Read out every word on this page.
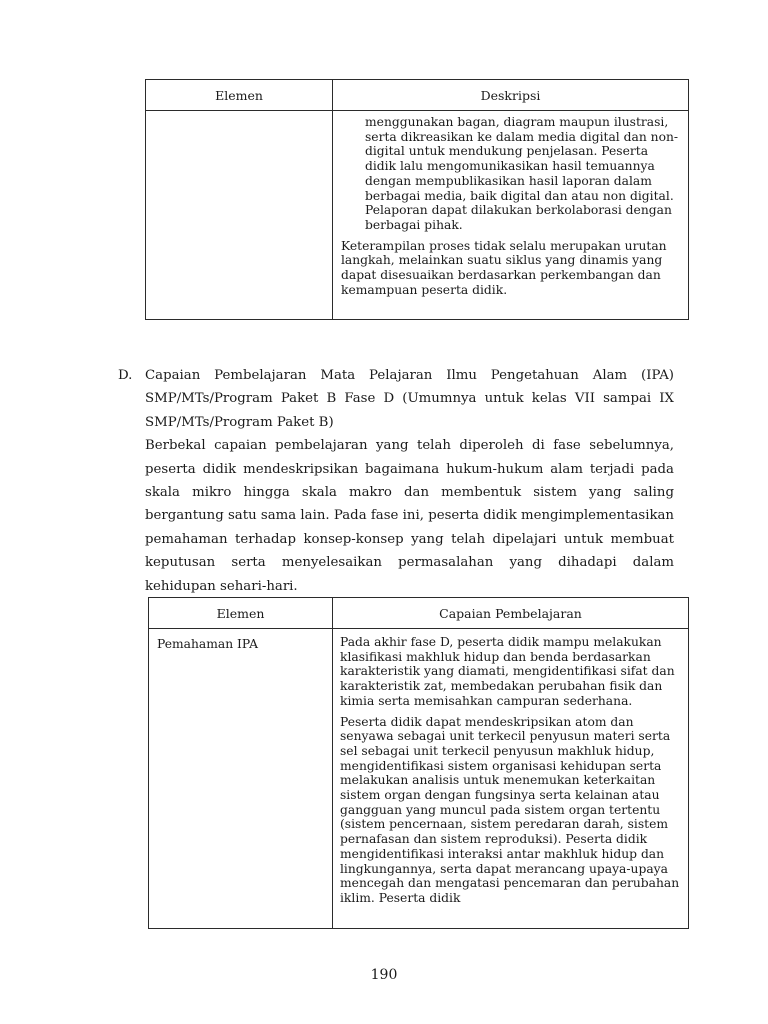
Elemen	Deskripsi

	menggunakan bagan, diagram maupun ilustrasi, serta dikreasikan ke dalam media digital dan non-digital untuk mendukung penjelasan. Peserta didik lalu mengomunikasikan hasil temuannya dengan mempublikasikan hasil laporan dalam berbagai media, baik digital dan atau non digital. Pelaporan dapat dilakukan berkolaborasi dengan berbagai pihak.

Keterampilan proses tidak selalu merupakan urutan langkah, melainkan suatu siklus yang dinamis yang dapat disesuaikan berdasarkan perkembangan dan kemampuan peserta didik.

D. Capaian Pembelajaran Mata Pelajaran Ilmu Pengetahuan Alam (IPA) SMP/MTs/Program Paket B Fase D (Umumnya untuk kelas VII sampai IX SMP/MTs/Program Paket B)
Berbekal capaian pembelajaran yang telah diperoleh di fase sebelumnya, peserta didik mendeskripsikan bagaimana hukum-hukum alam terjadi pada skala mikro hingga skala makro dan membentuk sistem yang saling bergantung satu sama lain. Pada fase ini, peserta didik mengimplementasikan pemahaman terhadap konsep-konsep yang telah dipelajari untuk membuat keputusan serta menyelesaikan permasalahan yang dihadapi dalam kehidupan sehari-hari.
Elemen	Capaian Pembelajaran
Pemahaman IPA	Pada akhir fase D, peserta didik mampu melakukan klasifikasi makhluk hidup dan benda berdasarkan karakteristik yang diamati, mengidentifikasi sifat dan karakteristik zat, membedakan perubahan fisik dan kimia serta memisahkan campuran sederhana.

Peserta didik dapat mendeskripsikan atom dan senyawa sebagai unit terkecil penyusun materi serta sel sebagai unit terkecil penyusun makhluk hidup, mengidentifikasi sistem organisasi kehidupan serta melakukan analisis untuk menemukan keterkaitan sistem organ dengan fungsinya serta kelainan atau gangguan yang muncul pada sistem organ tertentu (sistem pencernaan, sistem peredaran darah, sistem pernafasan dan sistem reproduksi). Peserta didik mengidentifikasi interaksi antar makhluk hidup dan lingkungannya, serta dapat merancang upaya-upaya mencegah dan mengatasi pencemaran dan perubahan iklim. Peserta didik

190
